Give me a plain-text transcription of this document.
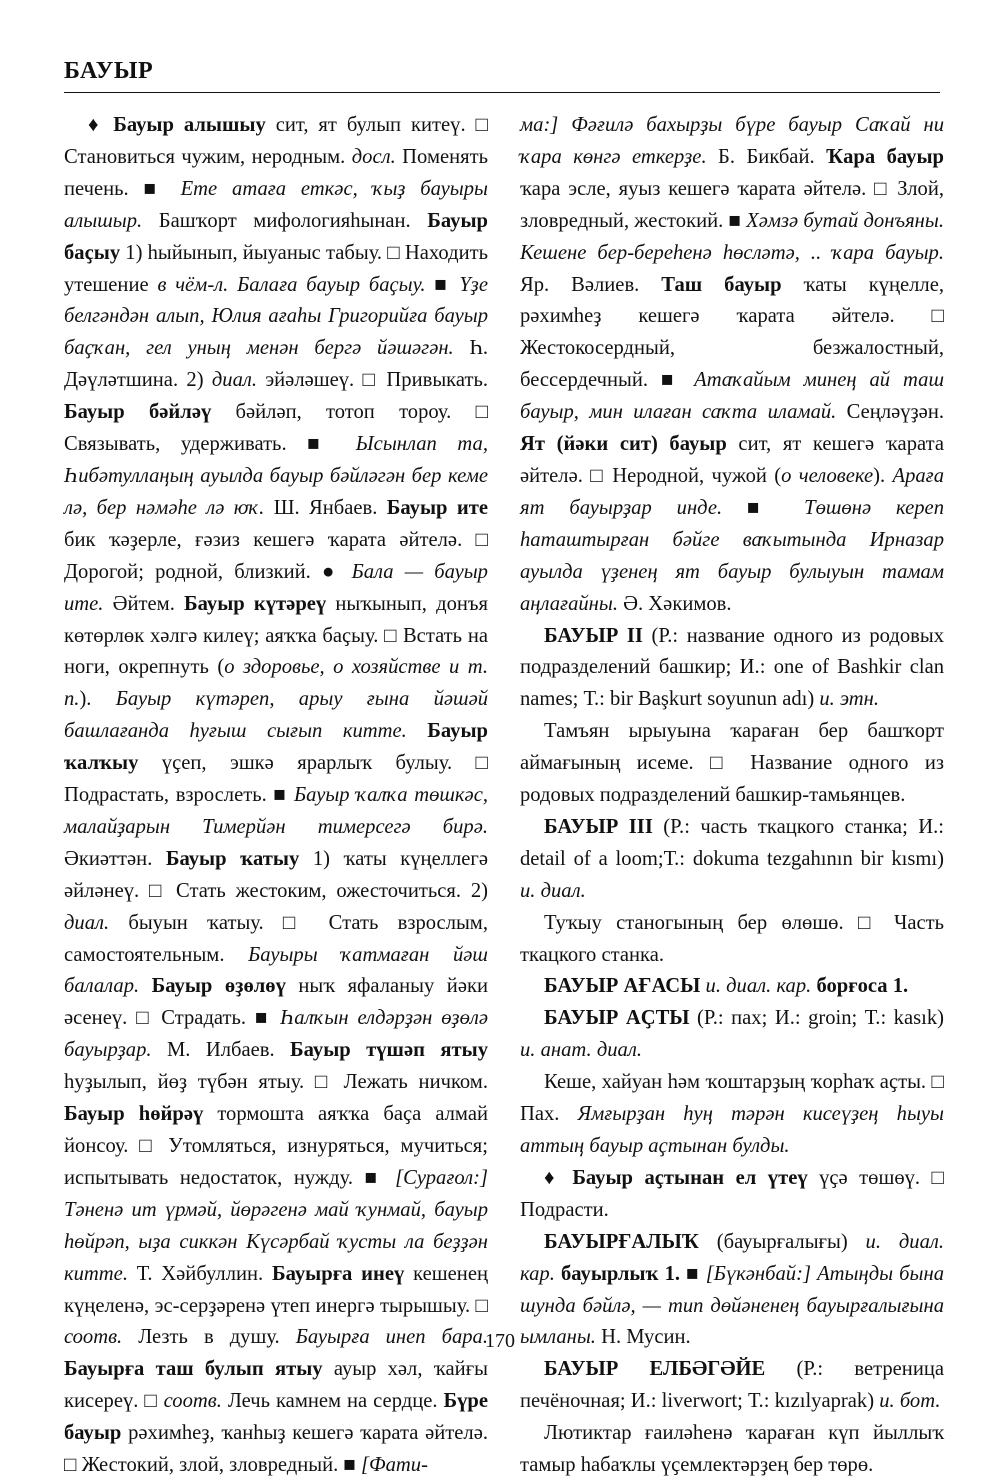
БАУЫР

♦ Бауыр алышыу сит, ят булып китеү. □ Становиться чужим, неродным. досл. Поменять печень. ■ Ете атаға еткәс, ҡыҙ бауыры алышыр. Башҡорт мифологияһынан. Бауыр баҫыу 1) һыйынып, йыуаныс табыу. □ Находить утешение в чём-л. Балаға бауыр баҫыу. ■ Үҙе белгәндән алып, Юлия ағаһы Григорийға бауыр баҫҡан, гел уның менән бергә йәшәгән. Һ. Дәүләтшина. 2) диал. эйәләшеү. □ Привыкать. Бауыр бәйләү бәйләп, тотоп тороу. □ Связывать, удерживать. ■ Ысынлап та, Һибәтуллаңың ауылда бауыр бәйләгән бер кеме лә, бер нәмәһе лә юҡ. Ш. Янбаев. Бауыр ите бик ҡәҙерле, ғәзиз кешегә ҡарата әйтелә. □ Дорогой; родной, близкий. ● Бала — бауыр ите. Әйтем. Бауыр күтәреү ныҡынып, донъя көтөрлөк хәлгә килеү; аяҡҡа баҫыу. □ Встать на ноги, окрепнуть (о здоровье, о хозяйстве и т. п.). Бауыр күтәреп, арыу ғына йәшәй башлағанда һуғыш сығып китте. Бауыр ҡалҡыу үҫеп, эшкә ярарлыҡ булыу. □ Подрастать, взрослеть. ■ Бауыр ҡалҡа төшкәс, малайҙарын Тимерйән тимерсегә бирә. Әкиәттән. Бауыр ҡатыу 1) ҡаты күңеллегә әйләнеү. □ Стать жестоким, ожесточиться. 2) диал. быуын ҡатыу. □ Стать взрослым, самостоятельным. Бауыры ҡатмаған йәш балалар. Бауыр өҙөлөү ныҡ яфаланыу йәки әсенеү. □ Страдать. ■ Һалҡын елдәрҙән өҙөлә бауырҙар. М. Илбаев. Бауыр түшәп ятыу һуҙылып, йөҙ түбән ятыу. □ Лежать ничком. Бауыр һөйрәү тормошта аяҡҡа баҫа алмай йонсоу. □ Утомляться, изнуряться, мучиться; испытывать недостаток, нужду. ■ [Сурағол:] Тәненә ит үрмәй, йөрәгенә май ҡунмай, бауыр һөйрәп, ыҙа сиккән Күсәрбай ҡусты ла беҙҙән китте. Т. Хәйбуллин. Бауырға инеү кешенең күңеленә, эс-серҙәренә үтеп инергә тырышыу. □ соотв. Лезть в душу. Бауырға инеп бара. Бауырға таш булып ятыу ауыр хәл, ҡайғы кисереү. □ соотв. Лечь камнем на сердце. Бүре бауыр рәхимһеҙ, ҡанһыҙ кешегә ҡарата әйтелә. □ Жестокий, злой, зловредный. ■ [Фати-

ма:] Фәғилә бахырҙы бүре бауыр Саҡай ни ҡара көнгә еткерҙе. Б. Бикбай. Ҡара бауыр ҡара эсле, яуыз кешегә ҡарата әйтелә. □ Злой, зловредный, жестокий. ■ Хәмзә бутай донъяны. Кешене бер-береһенә һөсләтә, .. ҡара бауыр. Яр. Вәлиев. Таш бауыр ҡаты күңелле, рәхимһеҙ кешегә ҡарата әйтелә. □ Жестокосердный, безжалостный, бессердечный. ■ Атаҡайым минең ай таш бауыр, мин илаған саҡта иламай. Сеңләүҙән. Ят (йәки сит) бауыр сит, ят кешегә ҡарата әйтелә. □ Неродной, чужой (о человеке). Араға ят бауырҙар инде. ■ Төшөнә кереп һаташтырған бәйге ваҡытында Ирназар ауылда үҙенең ят бауыр булыуын тамам аңлағайны. Ә. Хәкимов.

БАУЫР II (Р.: название одного из родовых подразделений башкир; И.: one of Bashkir clan names; Т.: bir Başkurt soyunun adı) и. этн.

Тамъян ырыуына ҡараған бер башҡорт аймағының исеме. □ Название одного из родовых подразделений башкир-тамьянцев.

БАУЫР III (Р.: часть ткацкого станка; И.: detail of a loom;Т.: dokuma tezgahının bir kısmı) и. диал.

Туҡыу станогының бер өлөшө. □ Часть ткацкого станка.

БАУЫР АҒАСЫ и. диал. кар. борғоса 1.

БАУЫР АҪТЫ (Р.: пах; И.: groin; Т.: kasık) и. анат. диал.

Кеше, хайуан һәм ҡоштарҙың ҡорһаҡ аҫты. □ Пах. Ямғырҙан һуң тәрән кисеүҙең һыуы аттың бауыр аҫтынан булды.

♦ Бауыр аҫтынан ел үтеү үҫә төшөү. □ Подрасти.

БАУЫРҒАЛЫҠ (бауырғалығы) и. диал. кар. бауырлыҡ 1. ■ [Бүкәнбай:] Атыңды бына шунда бәйлә, — тип дөйәненең бауырғалығына ымланы. Н. Мусин.

БАУЫР ЕЛБӘГӘЙЕ (Р.: ветреница печёночная; И.: liverwort; Т.: kızılyaprak) и. бот.

Лютиктар ғаиләһенә ҡараған күп йыллыҡ тамыр һабаҡлы үҫемлектәрҙең бер төрө.

170
